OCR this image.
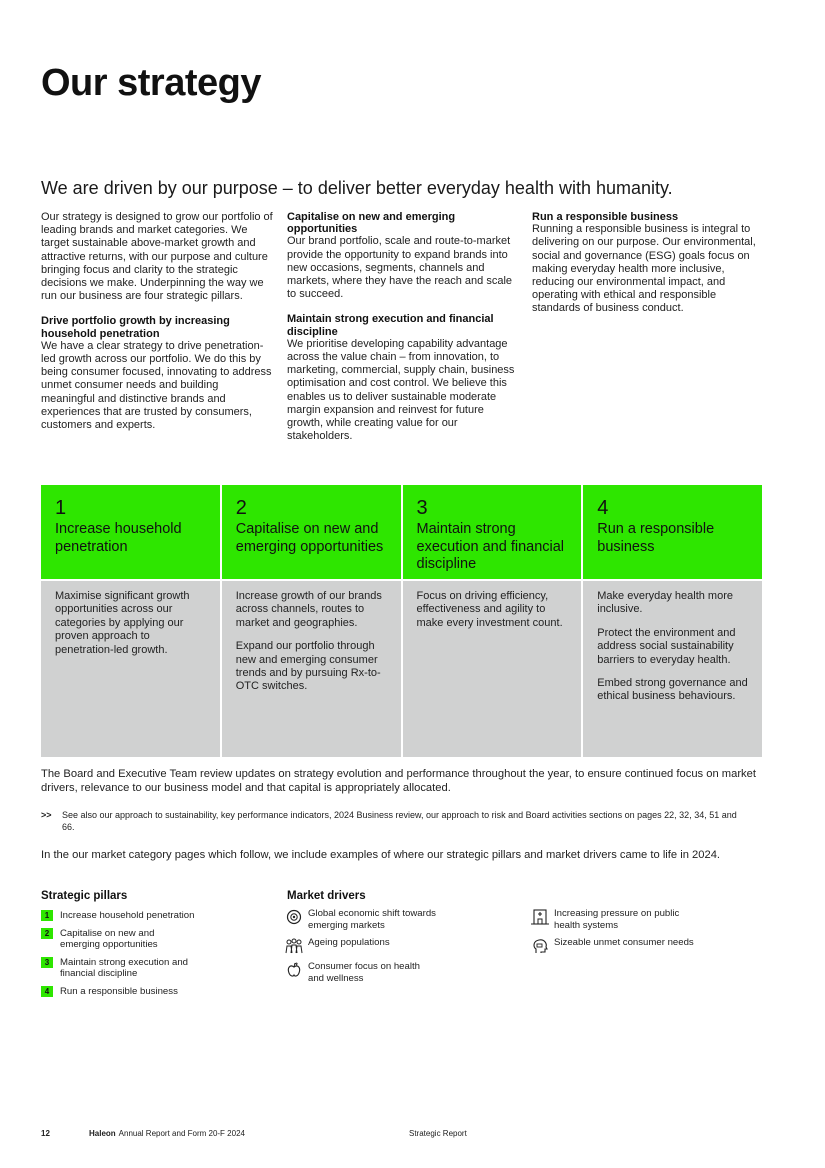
Our strategy
We are driven by our purpose – to deliver better everyday health with humanity.

Our strategy is designed to grow our portfolio of leading brands and market categories. We target sustainable above-market growth and attractive returns, with our purpose and culture bringing focus and clarity to the strategic decisions we make. Underpinning the way we run our business are four strategic pillars.

Drive portfolio growth by increasing household penetration

We have a clear strategy to drive penetration-led growth across our portfolio. We do this by being consumer focused, innovating to address unmet consumer needs and building meaningful and distinctive brands and experiences that are trusted by consumers, customers and experts.

Capitalise on new and emerging opportunities

Our brand portfolio, scale and route-to-market provide the opportunity to expand brands into new occasions, segments, channels and markets, where they have the reach and scale to succeed.

Maintain strong execution and financial discipline

We prioritise developing capability advantage across the value chain – from innovation, to marketing, commercial, supply chain, business optimisation and cost control. We believe this enables us to deliver sustainable moderate margin expansion and reinvest for future growth, while creating value for our stakeholders.

Run a responsible business

Running a responsible business is integral to delivering on our purpose. Our environmental, social and governance (ESG) goals focus on making everyday health more inclusive, reducing our environmental impact, and operating with ethical and responsible standards of business conduct.

1
Increase household penetration

Maximise significant growth opportunities across our categories by applying our proven approach to penetration-led growth.

2
Capitalise on new and emerging opportunities

Increase growth of our brands across channels, routes to market and geographies.

Expand our portfolio through new and emerging consumer trends and by pursuing Rx-to-OTC switches.

3
Maintain strong execution and financial discipline

Focus on driving efficiency, effectiveness and agility to make every investment count.

4
Run a responsible business

Make everyday health more inclusive.

Protect the environment and address social sustainability barriers to everyday health.

Embed strong governance and ethical business behaviours.

The Board and Executive Team review updates on strategy evolution and performance throughout the year, to ensure continued focus on market drivers, relevance to our business model and that capital is appropriately allocated.

>>	See also our approach to sustainability, key performance indicators, 2024 Business review, our approach to risk and Board activities sections on pages 22, 32, 34, 51 and 66.

In the our market category pages which follow, we include examples of where our strategic pillars and market drivers came to life in 2024.

Strategic pillars
1	Increase household penetration
2	Capitalise on new and emerging opportunities
3	Maintain strong execution and financial discipline
4	Run a responsible business
Market drivers
Global economic shift towards emerging markets
Ageing populations
Consumer focus on health and wellness
Increasing pressure on public health systems
Sizeable unmet consumer needs
12	Haleon Annual Report and Form 20-F 2024	Strategic Report
